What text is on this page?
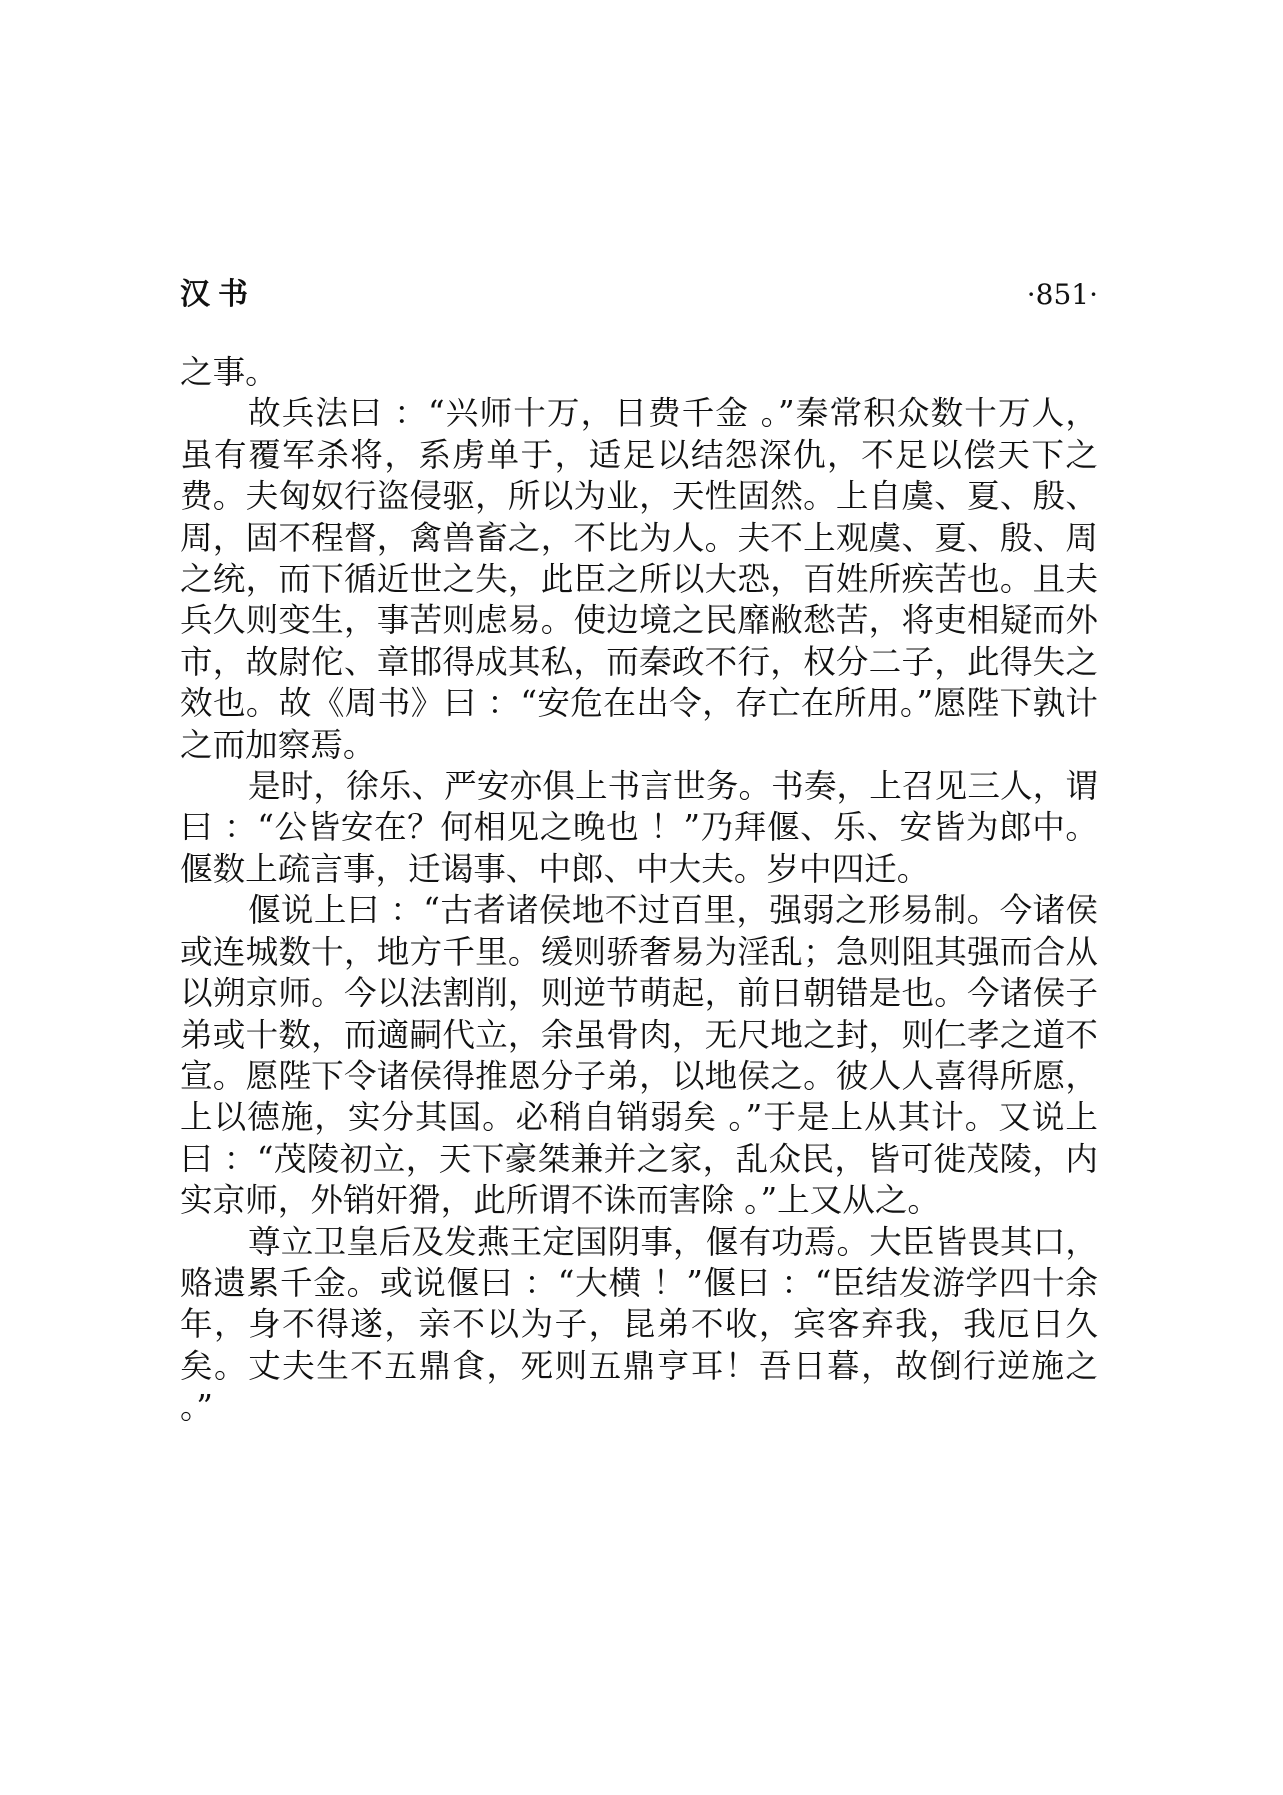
汉书	·851·

之事。

故兵法曰 ：“兴师十万，日费千金 。”秦常积众数十万人，虽有覆军杀将，系虏单于，适足以结怨深仇，不足以偿天下之费。夫匈奴行盗侵驱，所以为业，天性固然。上自虞、夏、殷、周，固不程督，禽兽畜之，不比为人。夫不上观虞、夏、殷、周之统，而下循近世之失，此臣之所以大恐，百姓所疾苦也。且夫兵久则变生，事苦则虑易。使边境之民靡敝愁苦，将吏相疑而外市，故尉佗、章邯得成其私，而秦政不行，权分二子，此得失之效也。故《周书》曰 ：“安危在出令，存亡在所用。”愿陛下孰计之而加察焉。

是时，徐乐、严安亦俱上书言世务。书奏，上召见三人，谓曰 ：“公皆安在？何相见之晚也 ！”乃拜偃、乐、安皆为郎中。偃数上疏言事，迁谒事、中郎、中大夫。岁中四迁。

偃说上曰 ：“古者诸侯地不过百里，强弱之形易制。今诸侯或连城数十，地方千里。缓则骄奢易为淫乱；急则阻其强而合从以朔京师。今以法割削，则逆节萌起，前日朝错是也。今诸侯子弟或十数，而適嗣代立，余虽骨肉，无尺地之封，则仁孝之道不宣。愿陛下令诸侯得推恩分子弟，以地侯之。彼人人喜得所愿，上以德施，实分其国。必稍自销弱矣 。”于是上从其计。又说上曰 ：“茂陵初立，天下豪桀兼并之家，乱众民，皆可徙茂陵，内实京师，外销奸猾，此所谓不诛而害除 。”上又从之。

尊立卫皇后及发燕王定国阴事，偃有功焉。大臣皆畏其口，赂遗累千金。或说偃曰 ：“大横 ！”偃曰 ：“臣结发游学四十余年，身不得遂，亲不以为子，昆弟不收，宾客弃我，我厄日久矣。丈夫生不五鼎食，死则五鼎亨耳！吾日暮，故倒行逆施之 。”
